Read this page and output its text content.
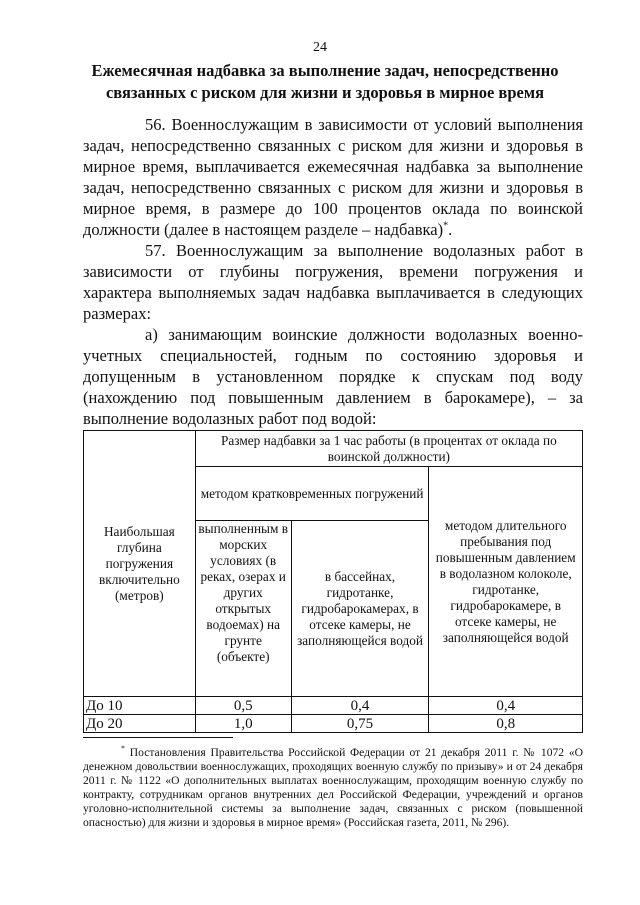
24
Ежемесячная надбавка за выполнение задач, непосредственно связанных с риском для жизни и здоровья в мирное время

56. Военнослужащим в зависимости от условий выполнения задач, непосредственно связанных с риском для жизни и здоровья в мирное время, выплачивается ежемесячная надбавка за выполнение задач, непосредственно связанных с риском для жизни и здоровья в мирное время, в размере до 100 процентов оклада по воинской должности (далее в настоящем разделе – надбавка)*.

57. Военнослужащим за выполнение водолазных работ в зависимости от глубины погружения, времени погружения и характера выполняемых задач надбавка выплачивается в следующих размерах:

а) занимающим воинские должности водолазных военно-учетных специальностей, годным по состоянию здоровья и допущенным в установленном порядке к спускам под воду (нахождению под повышенным давлением в барокамере), – за выполнение водолазных работ под водой:

Наибольшая глубина погружения включительно (метров)	Размер надбавки за 1 час работы (в процентах от оклада по воинской должности)		
	методом кратковременных погружений		методом длительного пребывания под повышенным давлением в водолазном колоколе, гидротанке, гидробарокамере, в отсеке камеры, не заполняющейся водой
	выполненным в морских условиях (в реках, озерах и других открытых водоемах) на грунте (объекте)	в бассейнах, гидротанке, гидробарокамерах, в отсеке камеры, не заполняющейся водой	
До 10	0,5	0,4	0,4
До 20	1,0	0,75	0,8

* Постановления Правительства Российской Федерации от 21 декабря 2011 г. № 1072 «О денежном довольствии военнослужащих, проходящих военную службу по призыву» и от 24 декабря 2011 г. № 1122 «О дополнительных выплатах военнослужащим, проходящим военную службу по контракту, сотрудникам органов внутренних дел Российской Федерации, учреждений и органов уголовно-исполнительной системы за выполнение задач, связанных с риском (повышенной опасностью) для жизни и здоровья в мирное время» (Российская газета, 2011, № 296).
